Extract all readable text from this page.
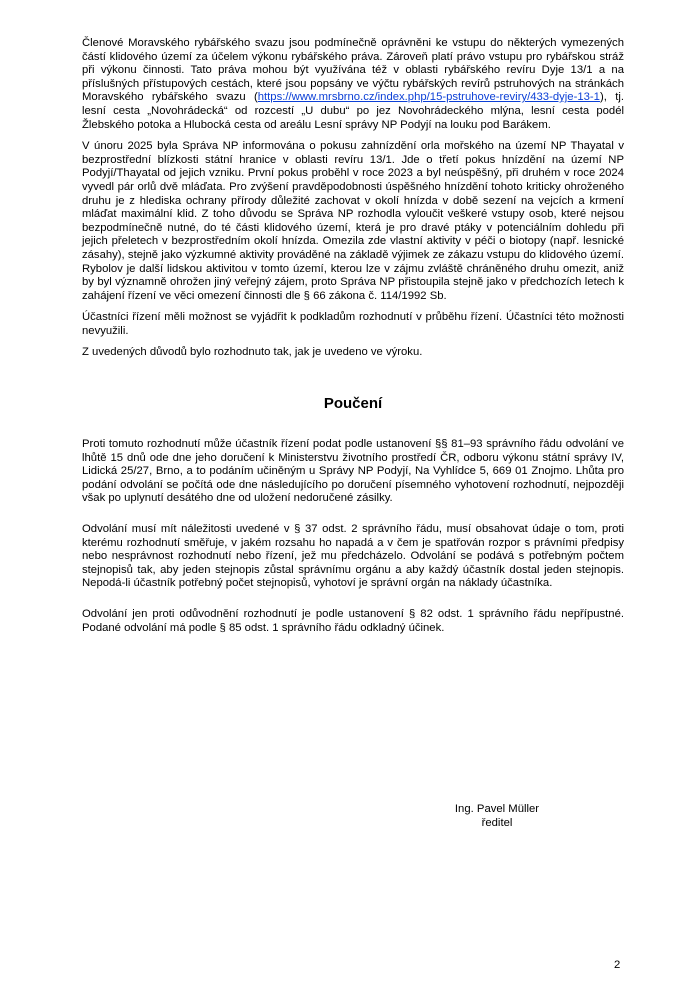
Členové Moravského rybářského svazu jsou podmínečně oprávněni ke vstupu do některých vymezených částí klidového území za účelem výkonu rybářského práva. Zároveň platí právo vstupu pro rybářskou stráž při výkonu činnosti. Tato práva mohou být využívána též v oblasti rybářského revíru Dyje 13/1 a na příslušných přístupových cestách, které jsou popsány ve výčtu rybářských revírů pstruhových na stránkách Moravského rybářského svazu (https://www.mrsbrno.cz/index.php/15-pstruhove-reviry/433-dyje-13-1), tj. lesní cesta „Novohrádecká“ od rozcestí „U dubu“ po jez Novohrádeckého mlýna, lesní cesta podél Žlebského potoka a Hlubocká cesta od areálu Lesní správy NP Podyjí na louku pod Barákem.

V únoru 2025 byla Správa NP informována o pokusu zahnízdění orla mořského na území NP Thayatal v bezprostřední blízkosti státní hranice v oblasti revíru 13/1. Jde o třetí pokus hnízdění na území NP Podyjí/Thayatal od jejich vzniku. První pokus proběhl v roce 2023 a byl neúspěšný, při druhém v roce 2024 vyvedl pár orlů dvě mláďata. Pro zvýšení pravděpodobnosti úspěšného hnízdění tohoto kriticky ohroženého druhu je z hlediska ochrany přírody důležité zachovat v okolí hnízda v době sezení na vejcích a krmení mláďat maximální klid. Z toho důvodu se Správa NP rozhodla vyloučit veškeré vstupy osob, které nejsou bezpodmínečně nutné, do té části klidového území, která je pro dravé ptáky v potenciálním dohledu při jejich přeletech v bezprostředním okolí hnízda. Omezila zde vlastní aktivity v péči o biotopy (např. lesnické zásahy), stejně jako výzkumné aktivity prováděné na základě výjimek ze zákazu vstupu do klidového území. Rybolov je další lidskou aktivitou v tomto území, kterou lze v zájmu zvláště chráněného druhu omezit, aniž by byl významně ohrožen jiný veřejný zájem, proto Správa NP přistoupila stejně jako v předchozích letech k zahájení řízení ve věci omezení činnosti dle § 66 zákona č. 114/1992 Sb.

Účastníci řízení měli možnost se vyjádřit k podkladům rozhodnutí v průběhu řízení. Účastníci této možnosti nevyužili.

Z uvedených důvodů bylo rozhodnuto tak, jak je uvedeno ve výroku.

Poučení

Proti tomuto rozhodnutí může účastník řízení podat podle ustanovení §§ 81–93 správního řádu odvolání ve lhůtě 15 dnů ode dne jeho doručení k Ministerstvu životního prostředí ČR, odboru výkonu státní správy IV, Lidická 25/27, Brno, a to podáním učiněným u Správy NP Podyjí, Na Vyhlídce 5, 669 01 Znojmo. Lhůta pro podání odvolání se počítá ode dne následujícího po doručení písemného vyhotovení rozhodnutí, nejpozději však po uplynutí desátého dne od uložení nedoručené zásilky.

Odvolání musí mít náležitosti uvedené v § 37 odst. 2 správního řádu, musí obsahovat údaje o tom, proti kterému rozhodnutí směřuje, v jakém rozsahu ho napadá a v čem je spatřován rozpor s právními předpisy nebo nesprávnost rozhodnutí nebo řízení, jež mu předcházelo. Odvolání se podává s potřebným počtem stejnopisů tak, aby jeden stejnopis zůstal správnímu orgánu a aby každý účastník dostal jeden stejnopis. Nepodá-li účastník potřebný počet stejnopisů, vyhotoví je správní orgán na náklady účastníka.

Odvolání jen proti odůvodnění rozhodnutí je podle ustanovení § 82 odst. 1 správního řádu nepřípustné. Podané odvolání má podle § 85 odst. 1 správního řádu odkladný účinek.

Ing. Pavel Müller
ředitel
2
